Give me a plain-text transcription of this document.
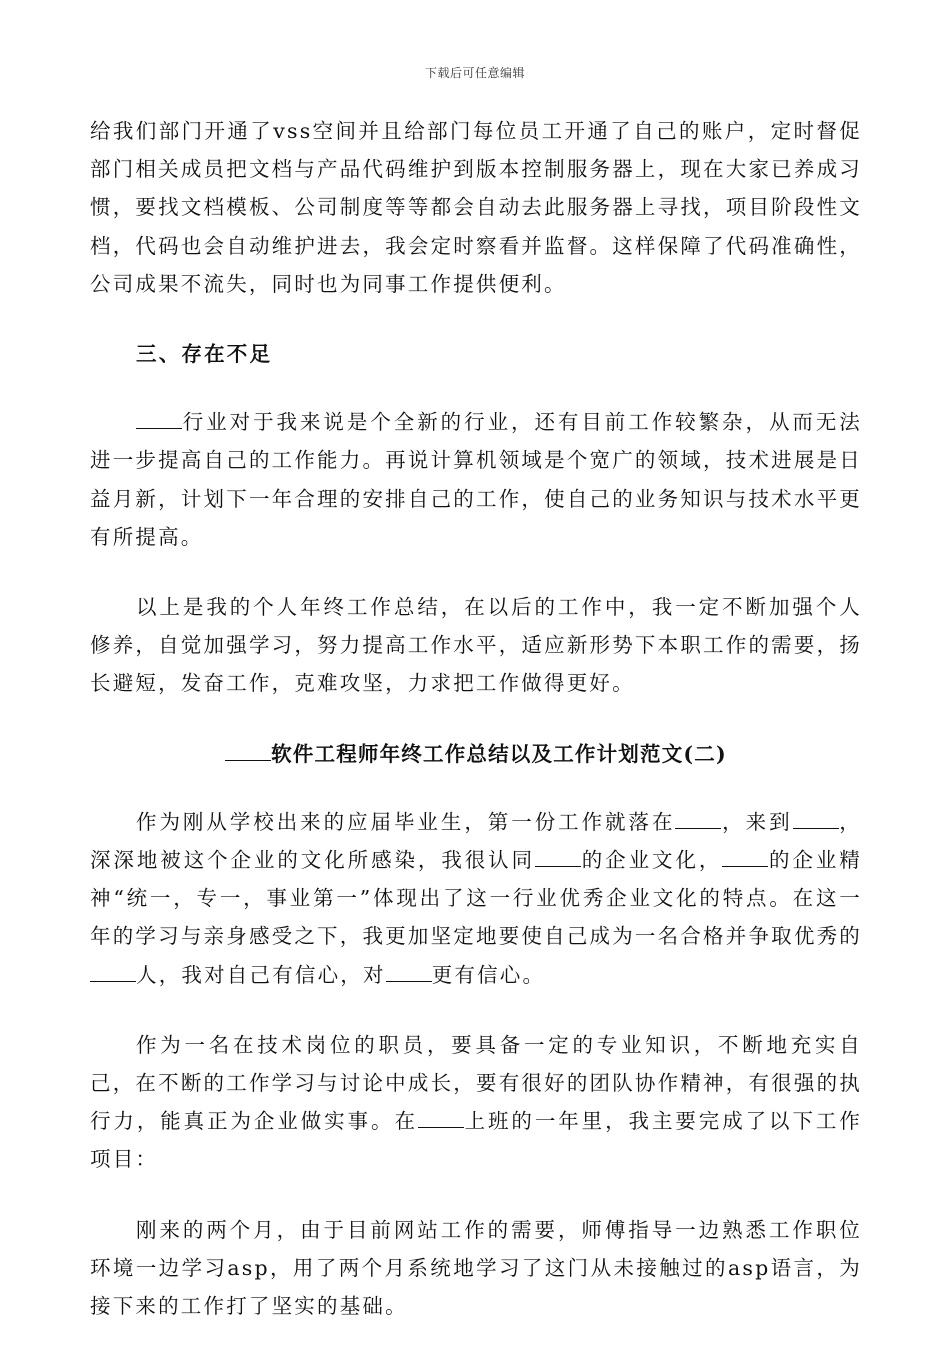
下载后可任意编辑

给我们部门开通了vss空间并且给部门每位员工开通了自己的账户，定时督促部门相关成员把文档与产品代码维护到版本控制服务器上，现在大家已养成习惯，要找文档模板、公司制度等等都会自动去此服务器上寻找，项目阶段性文档，代码也会自动维护进去，我会定时察看并监督。这样保障了代码准确性，公司成果不流失，同时也为同事工作提供便利。

三、存在不足

行业对于我来说是个全新的行业，还有目前工作较繁杂，从而无法进一步提高自己的工作能力。再说计算机领域是个宽广的领域，技术进展是日益月新，计划下一年合理的安排自己的工作，使自己的业务知识与技术水平更有所提高。

以上是我的个人年终工作总结，在以后的工作中，我一定不断加强个人修养，自觉加强学习，努力提高工作水平，适应新形势下本职工作的需要，扬长避短，发奋工作，克难攻坚，力求把工作做得更好。

软件工程师年终工作总结以及工作计划范文(二)

作为刚从学校出来的应届毕业生，第一份工作就落在 ，来到 ，深深地被这个企业的文化所感染，我很认同 的企业文化， 的企业精神“统一，专一，事业第一”体现出了这一行业优秀企业文化的特点。在这一年的学习与亲身感受之下，我更加坚定地要使自己成为一名合格并争取优秀的人，我对自己有信心，对 更有信心。

作为一名在技术岗位的职员，要具备一定的专业知识，不断地充实自己，在不断的工作学习与讨论中成长，要有很好的团队协作精神，有很强的执行力，能真正为企业做实事。在 上班的一年里，我主要完成了以下工作项目：

刚来的两个月，由于目前网站工作的需要，师傅指导一边熟悉工作职位环境一边学习asp，用了两个月系统地学习了这门从未接触过的asp语言，为接下来的工作打了坚实的基础。
